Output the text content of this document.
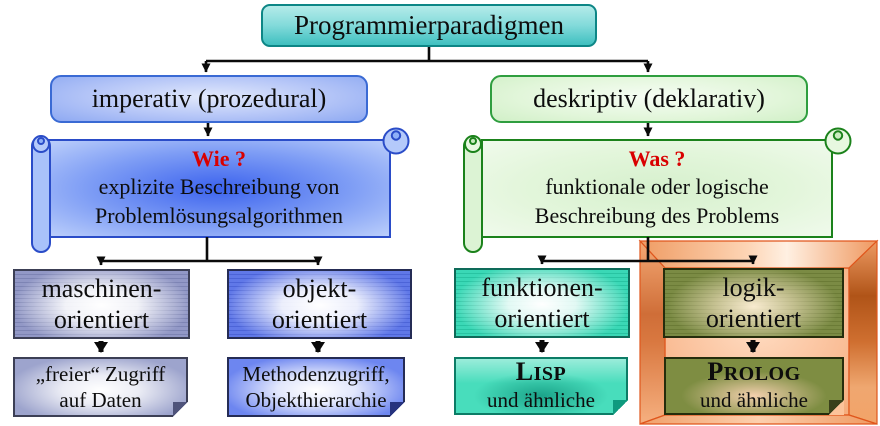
Programmierparadigmen
imperativ (prozedural)	deskriptiv (deklarativ)
Wie ?
explizite Beschreibung von
Problemlösungsalgorithmen
Was ?
funktionale oder logische
Beschreibung des Problems
maschinen-
orientiert
objekt-
orientiert
funktionen-
orientiert
logik-
orientiert
„freier“ Zugriff
auf Daten
Methodenzugriff,
Objekthierarchie
LISP
und ähnliche
PROLOG
und ähnliche
